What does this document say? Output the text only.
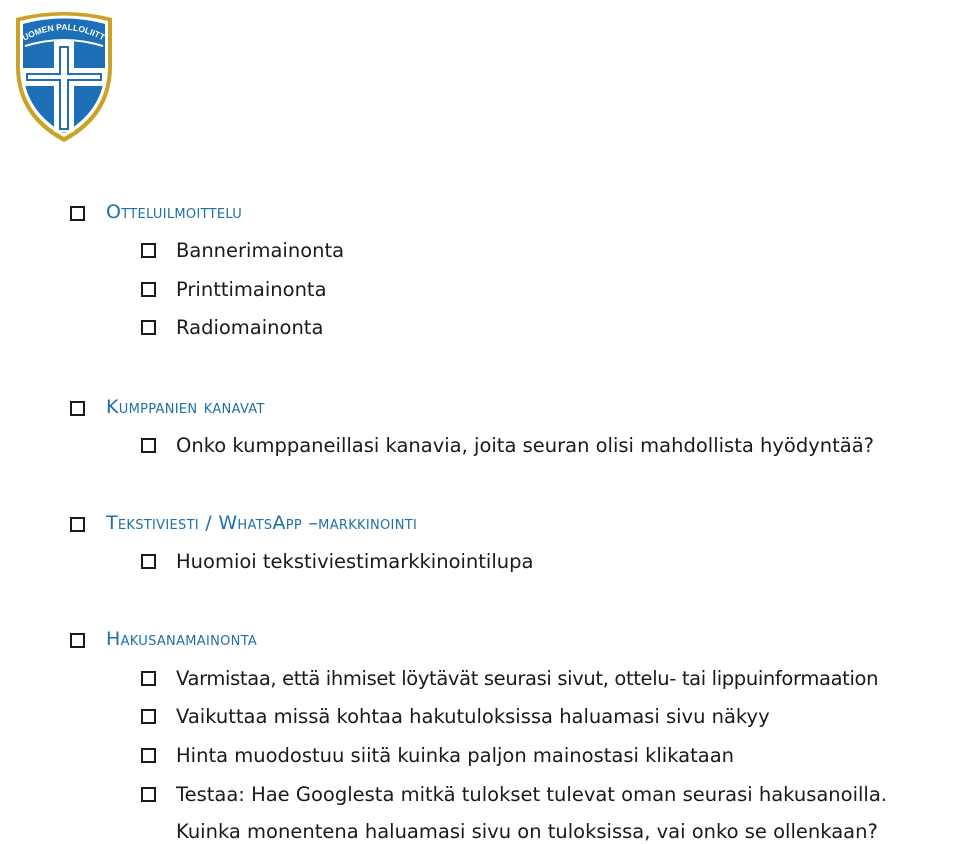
UOMEN PALLOLIITT
Otteluilmoittelu
Bannerimainonta
Printtimainonta
Radiomainonta
Kumppanien kanavat
Onko kumppaneillasi kanavia, joita seuran olisi mahdollista hyödyntää?
Tekstiviesti / WhatsApp –markkinointi
Huomioi tekstiviestimarkkinointilupa
Hakusanamainonta
Varmistaa, että ihmiset löytävät seurasi sivut, ottelu- tai lippuinformaation
Vaikuttaa missä kohtaa hakutuloksissa haluamasi sivu näkyy
Hinta muodostuu siitä kuinka paljon mainostasi klikataan
Testaa: Hae Googlesta mitkä tulokset tulevat oman seurasi hakusanoilla.
Kuinka monentena haluamasi sivu on tuloksissa, vai onko se ollenkaan?
